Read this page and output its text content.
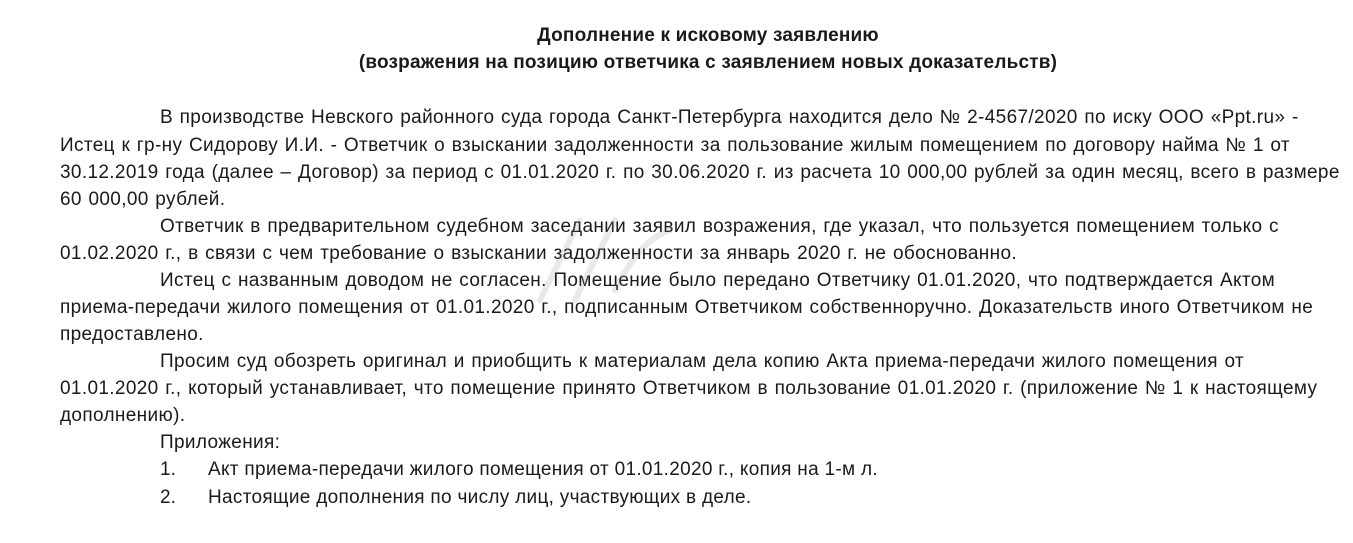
Дополнение к исковому заявлению
(возражения на позицию ответчика с заявлением новых доказательств)
В производстве Невского районного суда города Санкт-Петербурга находится дело № 2-4567/2020 по иску ООО «Ppt.ru» -
Истец к гр-ну Сидорову И.И. - Ответчик о взыскании задолженности за пользование жилым помещением по договору найма № 1 от
30.12.2019 года (далее – Договор) за период с 01.01.2020 г. по 30.06.2020 г. из расчета 10 000,00 рублей за один месяц, всего в размере
60 000,00 рублей.
Ответчик в предварительном судебном заседании заявил возражения, где указал, что пользуется помещением только с
01.02.2020 г., в связи с чем требование о взыскании задолженности за январь 2020 г. не обоснованно.
Истец с названным доводом не согласен. Помещение было передано Ответчику 01.01.2020, что подтверждается Актом
приема-передачи жилого помещения от 01.01.2020 г., подписанным Ответчиком собственноручно. Доказательств иного Ответчиком не
предоставлено.
Просим суд обозреть оригинал и приобщить к материалам дела копию Акта приема-передачи жилого помещения от
01.01.2020 г., который устанавливает, что помещение принято Ответчиком в пользование 01.01.2020 г. (приложение № 1 к настоящему
дополнению).
Приложения:
1. Акт приема-передачи жилого помещения от 01.01.2020 г., копия на 1-м л.
2. Настоящие дополнения по числу лиц, участвующих в деле.
